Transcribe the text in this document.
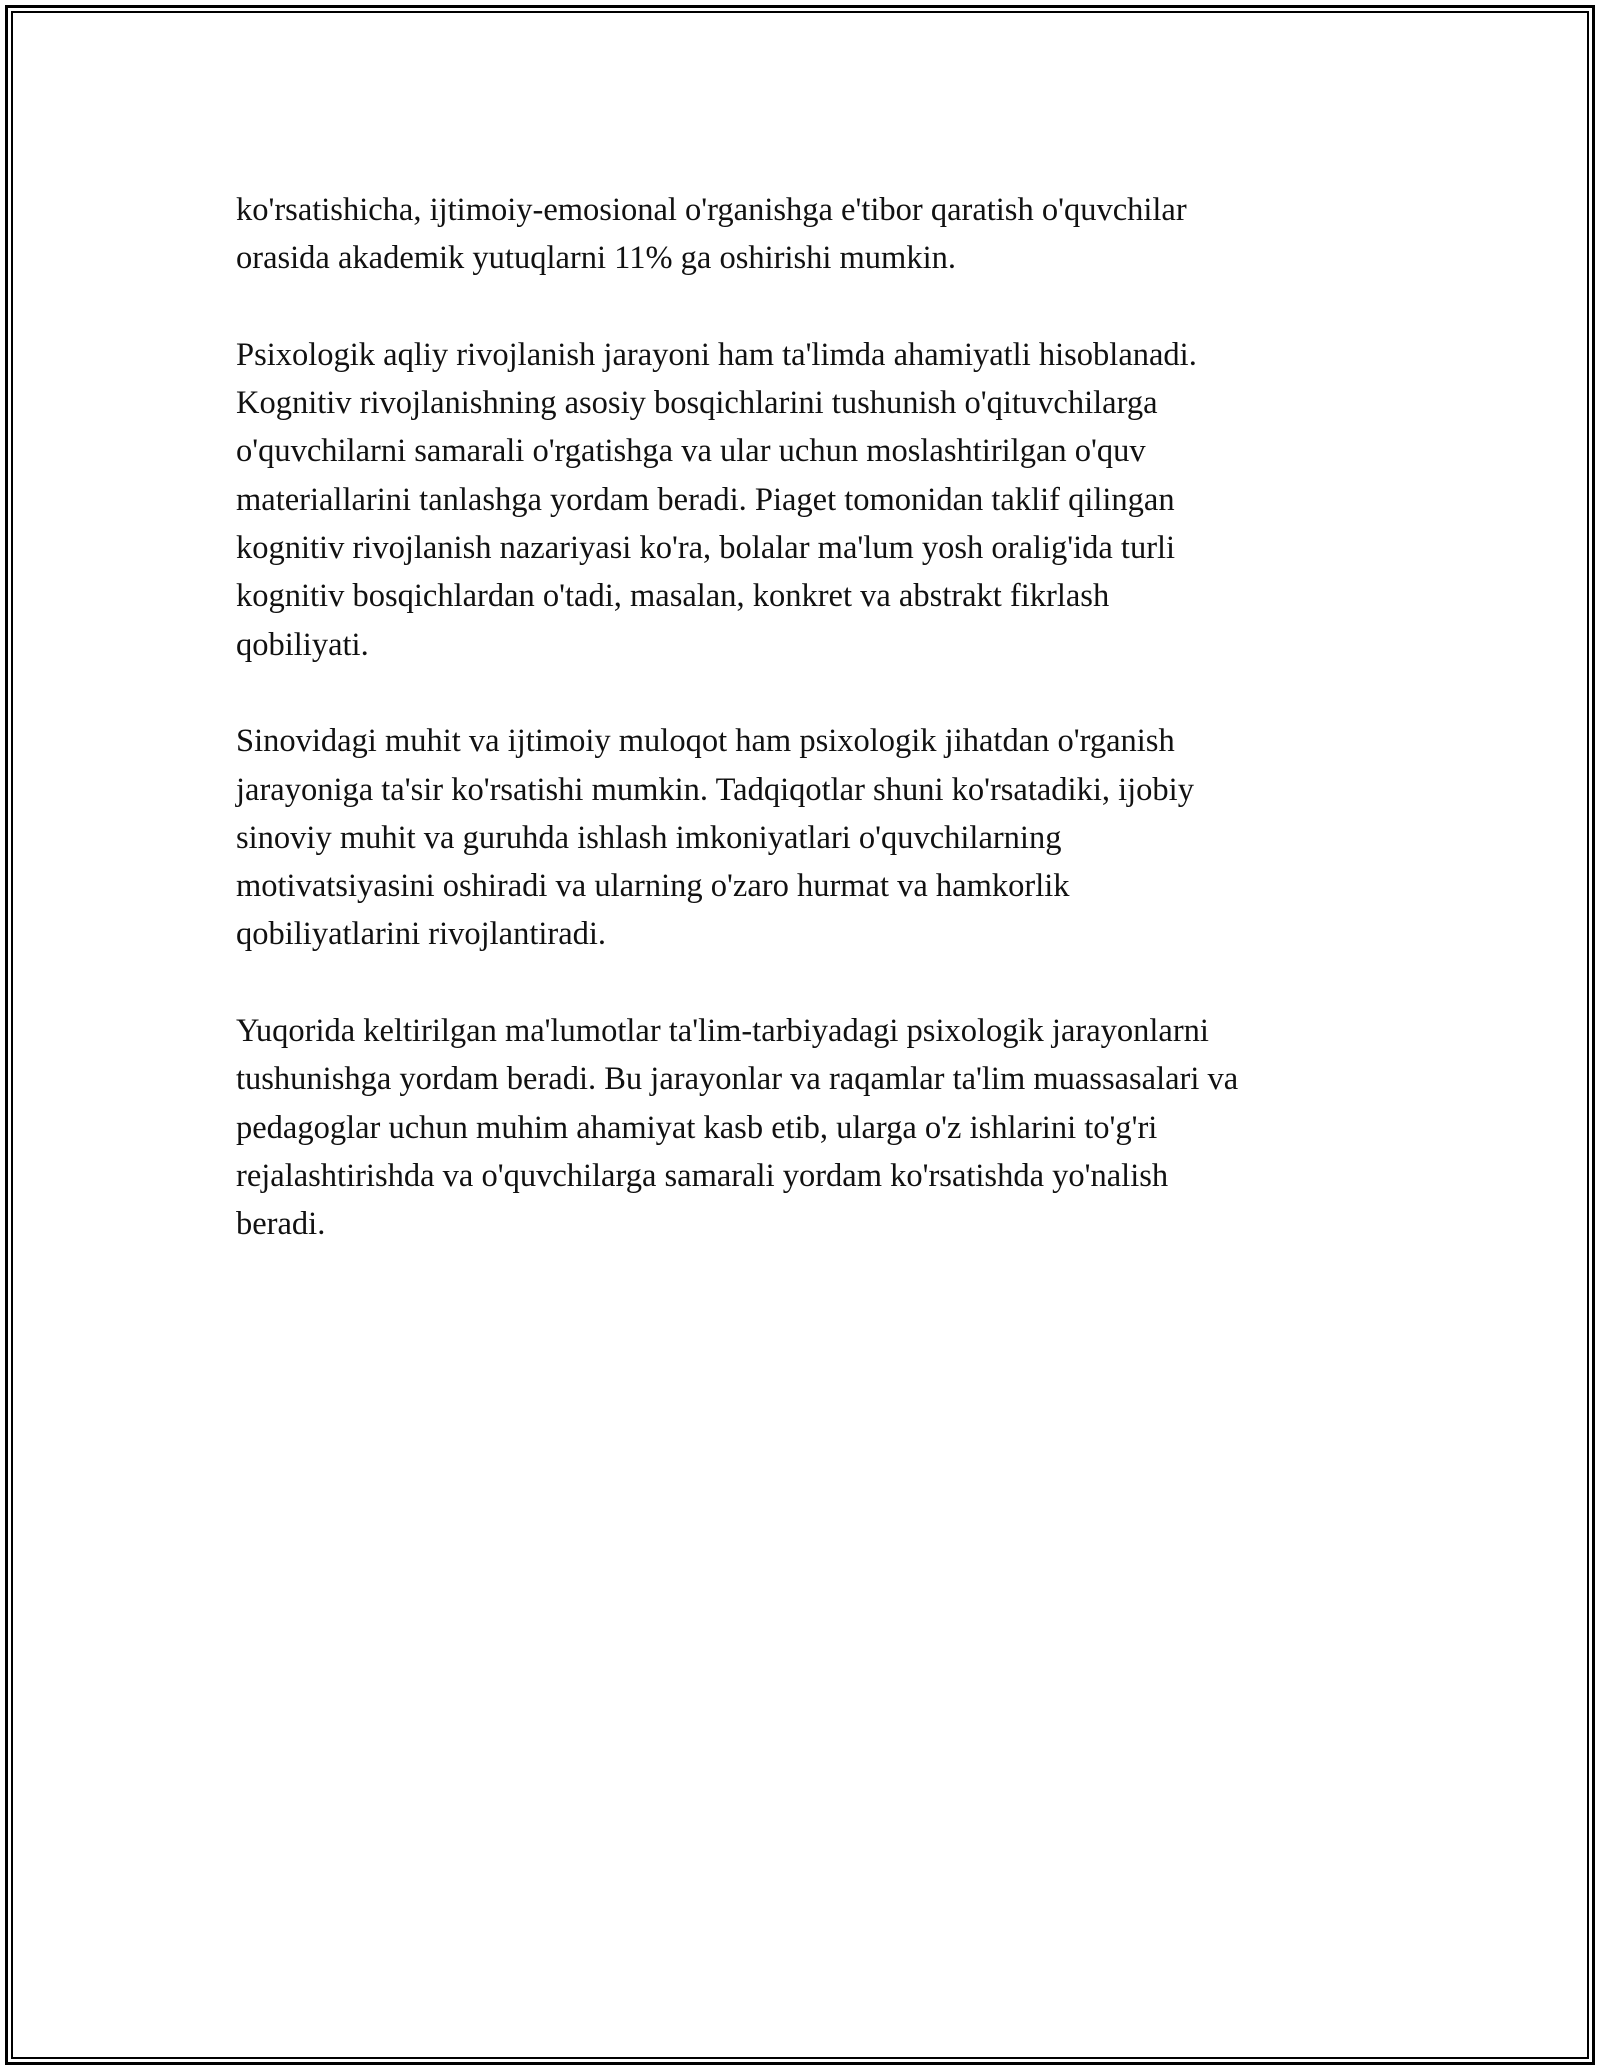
ko'rsatishicha, ijtimoiy-emosional o'rganishga e'tibor qaratish o'quvchilar
orasida akademik yutuqlarni 11% ga oshirishi mumkin.

Psixologik aqliy rivojlanish jarayoni ham ta'limda ahamiyatli hisoblanadi.
Kognitiv rivojlanishning asosiy bosqichlarini tushunish o'qituvchilarga
o'quvchilarni samarali o'rgatishga va ular uchun moslashtirilgan o'quv
materiallarini tanlashga yordam beradi. Piaget tomonidan taklif qilingan
kognitiv rivojlanish nazariyasi ko'ra, bolalar ma'lum yosh oralig'ida turli
kognitiv bosqichlardan o'tadi, masalan, konkret va abstrakt fikrlash
qobiliyati.

Sinovidagi muhit va ijtimoiy muloqot ham psixologik jihatdan o'rganish
jarayoniga ta'sir ko'rsatishi mumkin. Tadqiqotlar shuni ko'rsatadiki, ijobiy
sinoviy muhit va guruhda ishlash imkoniyatlari o'quvchilarning
motivatsiyasini oshiradi va ularning o'zaro hurmat va hamkorlik
qobiliyatlarini rivojlantiradi.

Yuqorida keltirilgan ma'lumotlar ta'lim-tarbiyadagi psixologik jarayonlarni
tushunishga yordam beradi. Bu jarayonlar va raqamlar ta'lim muassasalari va
pedagoglar uchun muhim ahamiyat kasb etib, ularga o'z ishlarini to'g'ri
rejalashtirishda va o'quvchilarga samarali yordam ko'rsatishda yo'nalish
beradi.
